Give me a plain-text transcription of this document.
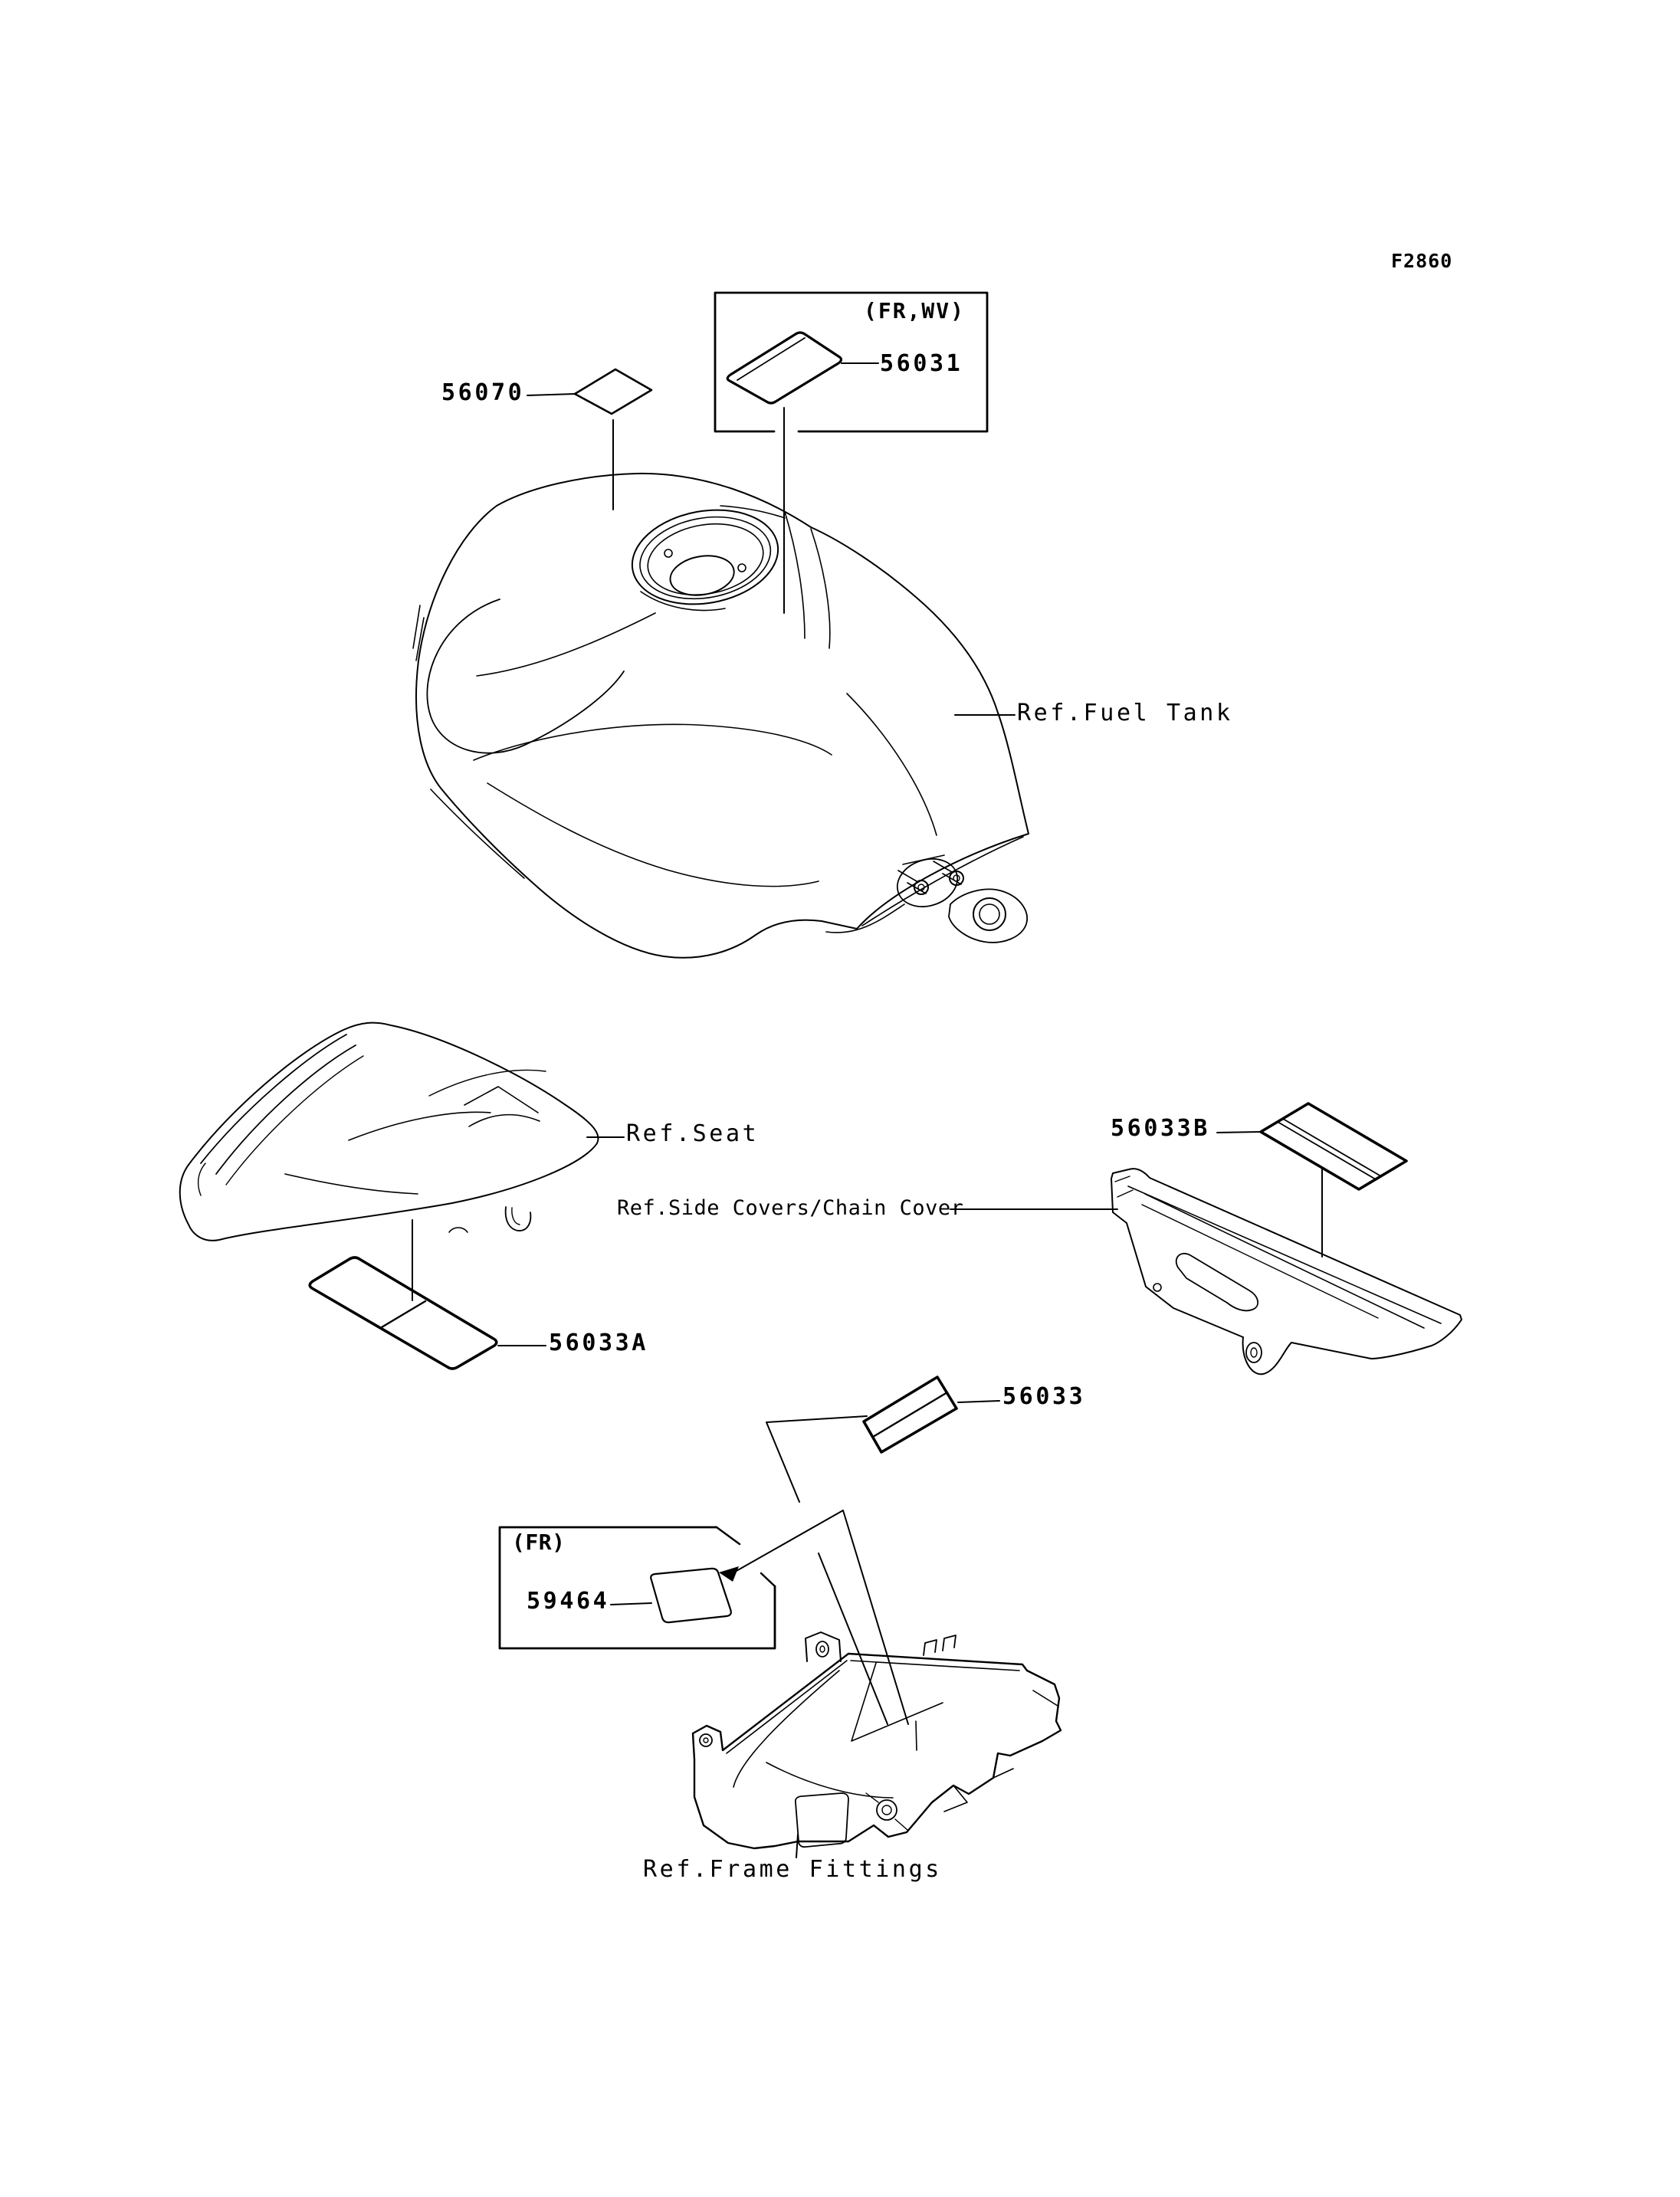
F2860
56070
(FR,WV)
56031
Ref.Fuel Tank
Ref.Seat	56033B
Ref.Side Covers/Chain Cover
56033A
56033
(FR)
59464
Ref.Frame Fittings
